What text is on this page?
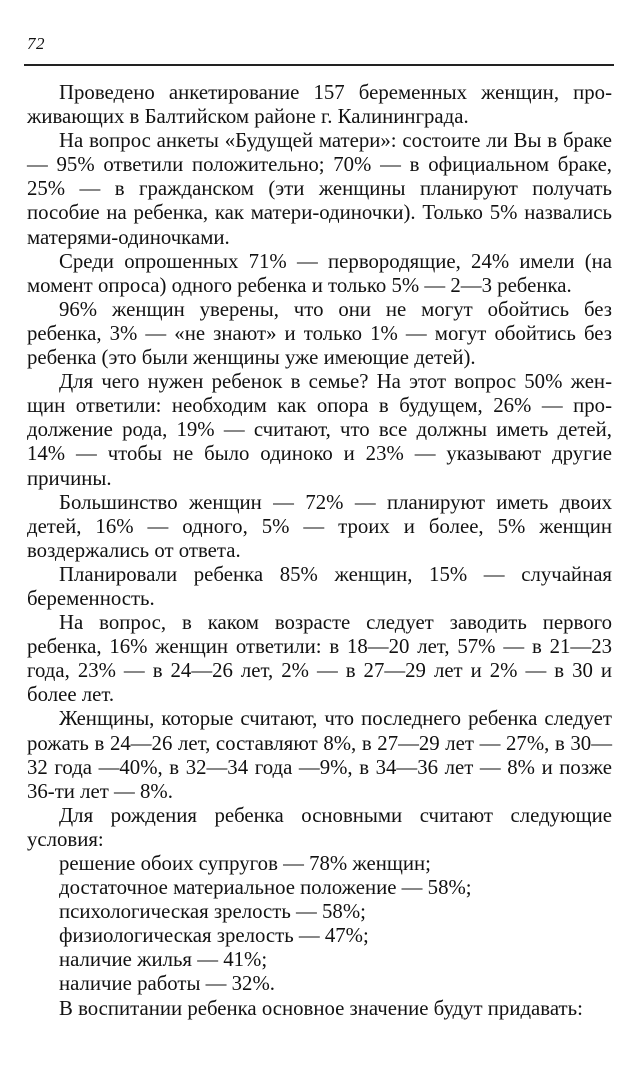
72

Проведено анкетирование 157 беременных женщин, проживающих в Балтийском районе г. Калининграда.

На вопрос анкеты «Будущей матери»: состоите ли Вы в браке — 95% ответили положительно; 70% — в официальном браке, 25% — в гражданском (эти женщины планируют получать пособие на ребенка, как матери-одиночки). Только 5% назвались матерями-одиночками.

Среди опрошенных 71% — первородящие, 24% имели (на момент опроса) одного ребенка и только 5% — 2—3 ребенка.

96% женщин уверены, что они не могут обойтись без ребенка, 3% — «не знают» и только 1% — могут обойтись без ребенка (это были женщины уже имеющие детей).

Для чего нужен ребенок в семье? На этот вопрос 50% женщин ответили: необходим как опора в будущем, 26% — продолжение рода, 19% — считают, что все должны иметь детей, 14% — чтобы не было одиноко и 23% — указывают другие причины.

Большинство женщин — 72% — планируют иметь двоих детей, 16% — одного, 5% — троих и более, 5% женщин воздержались от ответа.

Планировали ребенка 85% женщин, 15% — случайная беременность.

На вопрос, в каком возрасте следует заводить первого ребенка, 16% женщин ответили: в 18—20 лет, 57% — в 21—23 года, 23% — в 24—26 лет, 2% — в 27—29 лет и 2% — в 30 и более лет.

Женщины, которые считают, что последнего ребенка следует рожать в 24—26 лет, составляют 8%, в 27—29 лет — 27%, в 30—32 года —40%, в 32—34 года —9%, в 34—36 лет — 8% и позже 36-ти лет — 8%.

Для рождения ребенка основными считают следующие условия:

решение обоих супругов — 78% женщин;
достаточное материальное положение — 58%;
психологическая зрелость — 58%;
физиологическая зрелость — 47%;
наличие жилья — 41%;
наличие работы — 32%.

В воспитании ребенка основное значение будут придавать:
